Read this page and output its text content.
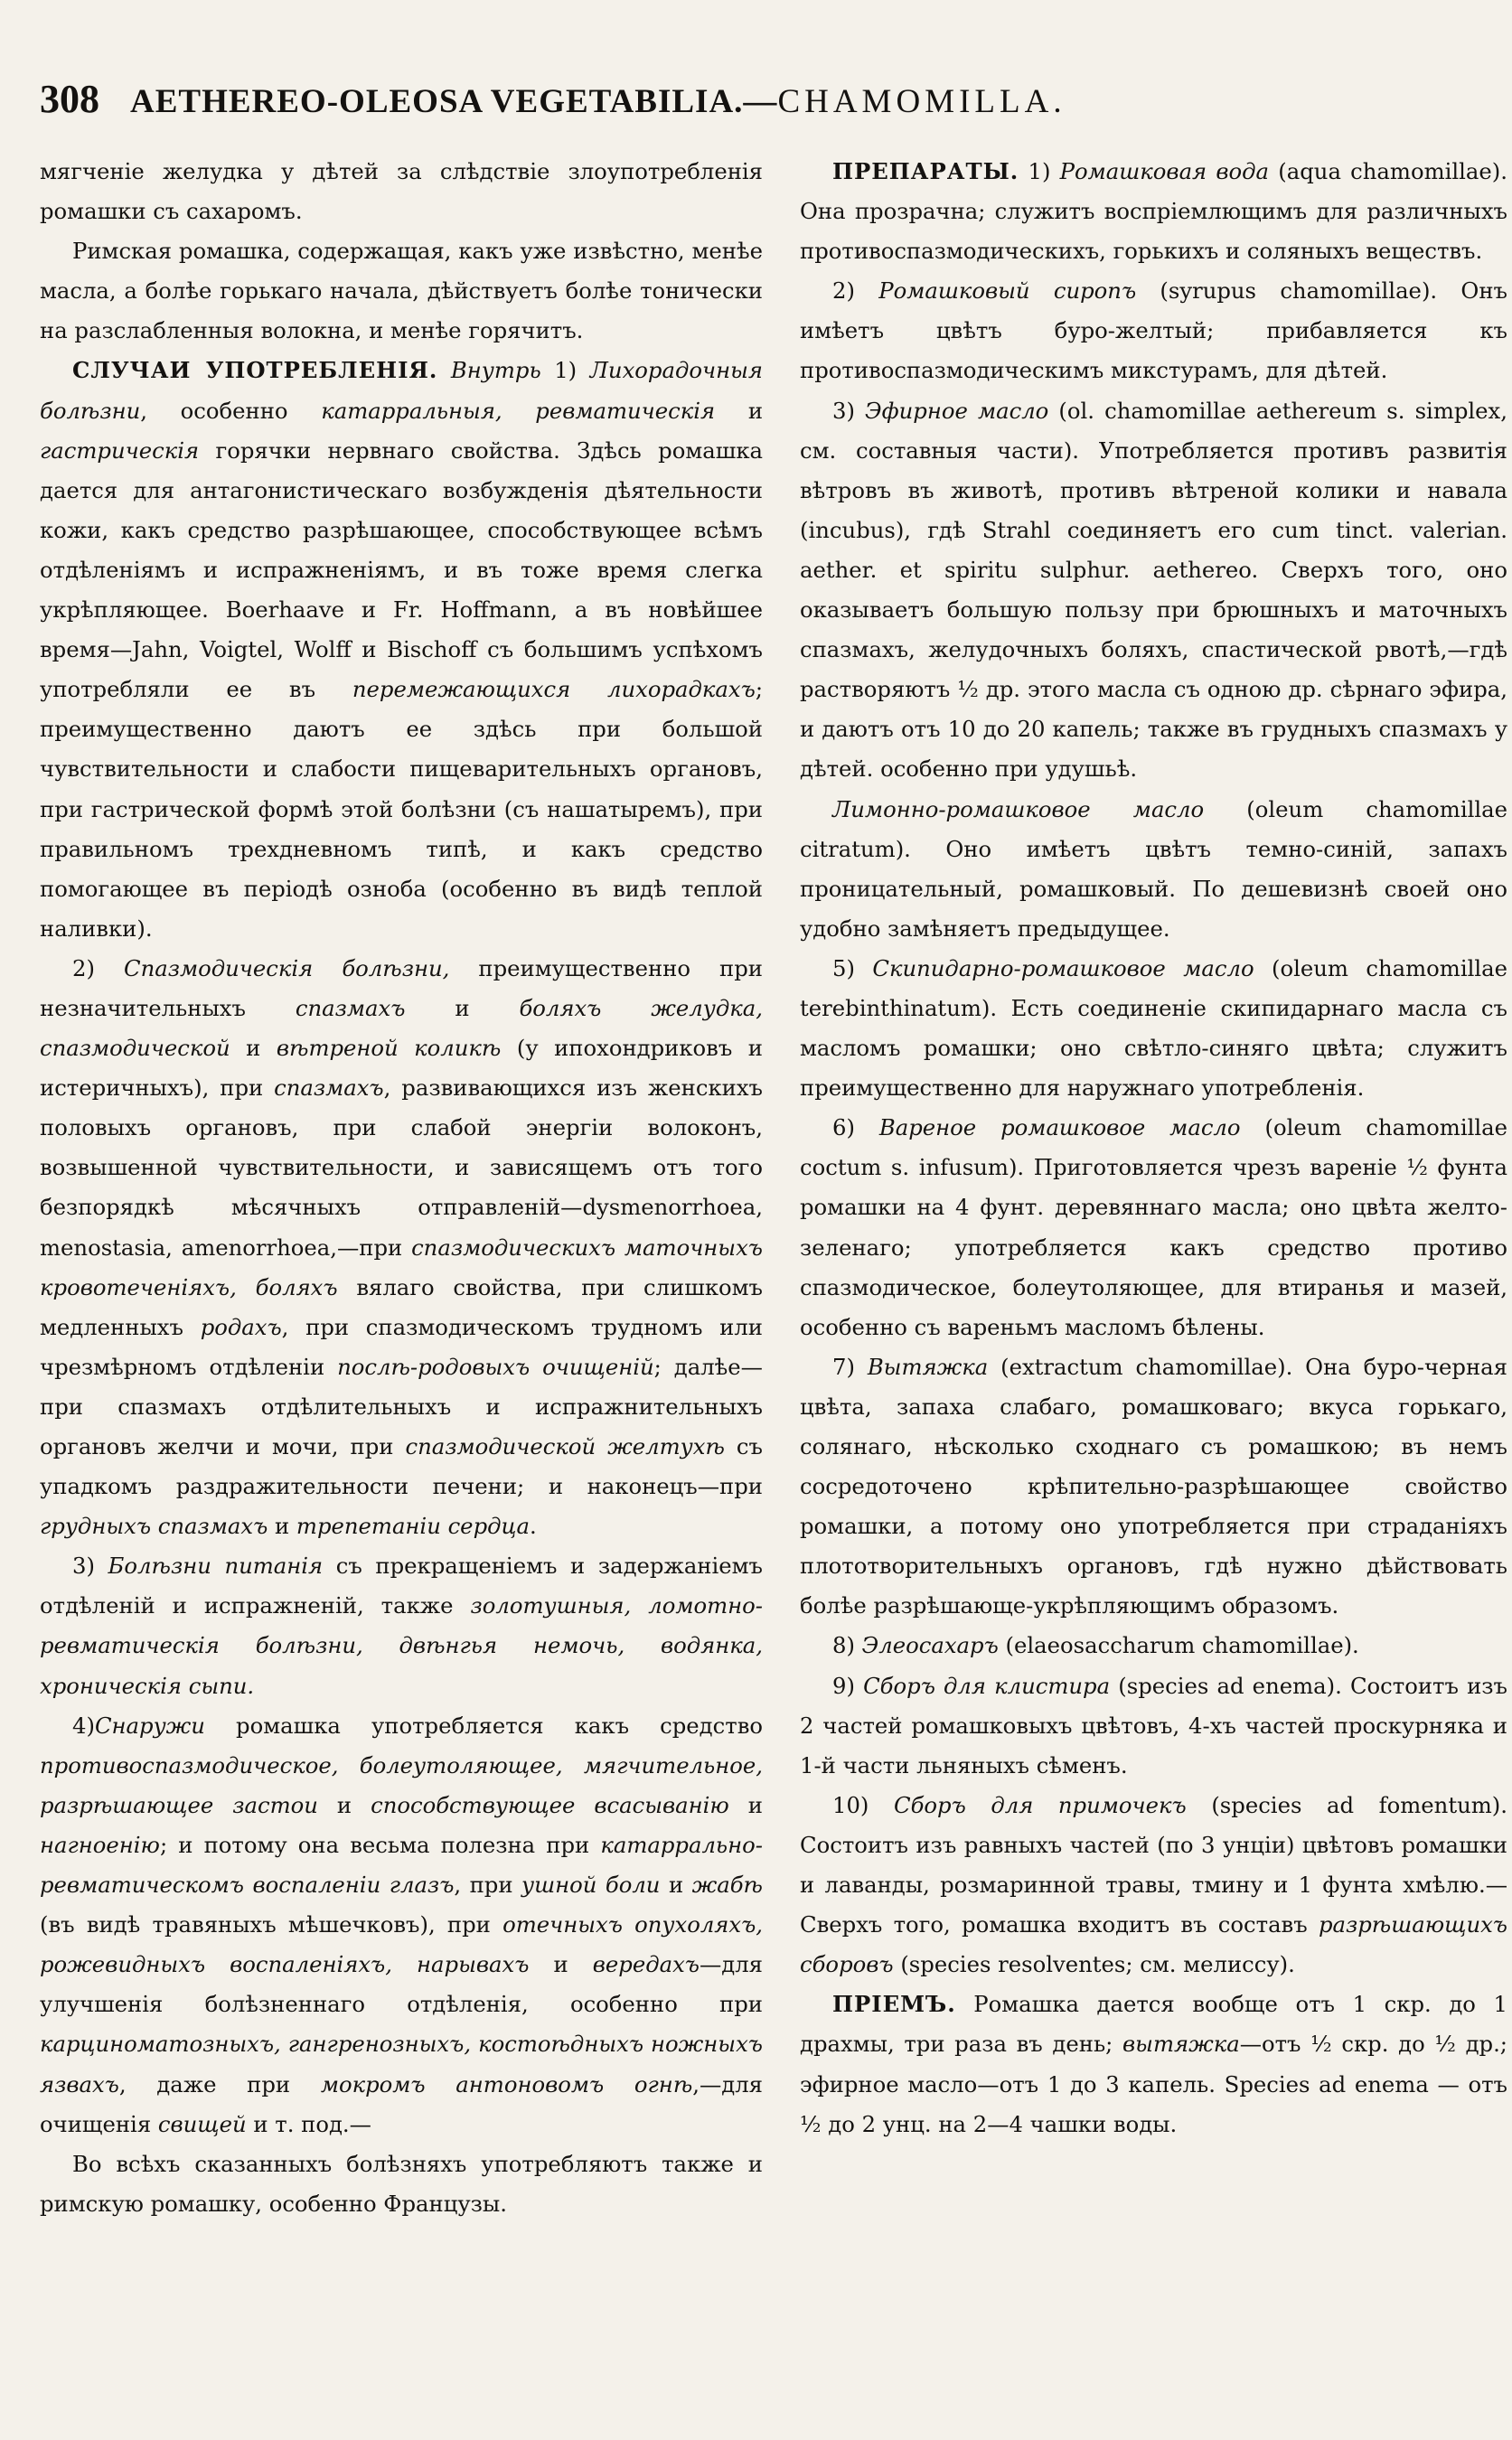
308 AETHEREO-OLEOSA VEGETABILIA.—CHAMOMILLA.

мягченіе желудка у дѣтей за слѣдствіе злоупотребленія ромашки съ сахаромъ.

Римская ромашка, содержащая, какъ уже извѣстно, менѣе масла, а болѣе горькаго начала, дѣйствуетъ болѣе тонически на разслабленныя волокна, и менѣе горячитъ.

СЛУЧАИ УПОТРЕБЛЕНІЯ. Внутрь 1) Лихорадочныя болѣзни, особенно катарральныя, ревматическія и гастрическія горячки нервнаго свойства. Здѣсь ромашка дается для антагонистическаго возбужденія дѣятельности кожи, какъ средство разрѣшающее, способствующее всѣмъ отдѣленіямъ и испражненіямъ, и въ тоже время слегка укрѣпляющее. Boerhaave и Fr. Hoffmann, а въ новѣйшее время—Jahn, Voigtel, Wolff и Bischoff съ большимъ успѣхомъ употребляли ее въ перемежающихся лихорадкахъ; преимущественно даютъ ее здѣсь при большой чувствительности и слабости пищеварительныхъ органовъ, при гастрической формѣ этой болѣзни (съ нашатыремъ), при правильномъ трехдневномъ типѣ, и какъ средство помогающее въ періодѣ озноба (особенно въ видѣ теплой наливки).

2) Спазмодическія болѣзни, преимущественно при незначительныхъ спазмахъ и боляхъ желудка, спазмодической и вѣтреной коликѣ (у ипохондриковъ и истеричныхъ), при спазмахъ, развивающихся изъ женскихъ половыхъ органовъ, при слабой энергіи волоконъ, возвышенной чувствительности, и зависящемъ отъ того безпорядкѣ мѣсячныхъ отправленій—dysmenorrhoea, menostasia, amenorrhoea,—при спазмодическихъ маточныхъ кровотеченіяхъ, боляхъ вялаго свойства, при слишкомъ медленныхъ родахъ, при спазмодическомъ трудномъ или чрезмѣрномъ отдѣленіи послѣ-родовыхъ очищеній; далѣе—при спазмахъ отдѣлительныхъ и испражнительныхъ органовъ желчи и мочи, при спазмодической желтухѣ съ упадкомъ раздражительности печени; и наконецъ—при грудныхъ спазмахъ и трепетаніи сердца.

3) Болѣзни питанія съ прекращеніемъ и задержаніемъ отдѣленій и испражненій, также золотушныя, ломотно-ревматическія болѣзни, двѣнгья немочь, водянка, хроническія сыпи.

4)Снаружи ромашка употребляется какъ средство противоспазмодическое, болеутоляющее, мягчительное, разрѣшающее застои и способствующее всасыванію и нагноенію; и потому она весьма полезна при катаррально-ревматическомъ воспаленіи глазъ, при ушной боли и жабѣ (въ видѣ травяныхъ мѣшечковъ), при отечныхъ опухоляхъ, рожевидныхъ воспаленіяхъ, нарывахъ и вередахъ—для улучшенія болѣзненнаго отдѣленія, особенно при карциноматозныхъ, гангренозныхъ, костоѣдныхъ ножныхъ язвахъ, даже при мокромъ антоновомъ огнѣ,—для очищенія свищей и т. под.—

Во всѣхъ сказанныхъ болѣзняхъ употребляютъ также и римскую ромашку, особенно Французы.

ПРЕПАРАТЫ. 1) Ромашковая вода (aqua chamomillae). Она прозрачна; служитъ воспріемлющимъ для различныхъ противоспазмодическихъ, горькихъ и соляныхъ веществъ.

2) Ромашковый сиропъ (syrupus chamomillae). Онъ имѣетъ цвѣтъ буро-желтый; прибавляется къ противоспазмодическимъ микстурамъ, для дѣтей.

3) Эфирное масло (ol. chamomillae aethereum s. simplex, см. составныя части). Употребляется противъ развитія вѣтровъ въ животѣ, противъ вѣтреной колики и навала (incubus), гдѣ Strahl соединяетъ его cum tinct. valerian. aether. et spiritu sulphur. aethereo. Сверхъ того, оно оказываетъ большую пользу при брюшныхъ и маточныхъ спазмахъ, желудочныхъ боляхъ, спастической рвотѣ,—гдѣ растворяютъ ½ др. этого масла съ одною др. сѣрнаго эфира, и даютъ отъ 10 до 20 капель; также въ грудныхъ спазмахъ у дѣтей. особенно при удушьѣ.

Лимонно-ромашковое масло (oleum chamomillae citratum). Оно имѣетъ цвѣтъ темно-синій, запахъ проницательный, ромашковый. По дешевизнѣ своей оно удобно замѣняетъ предыдущее.

5) Скипидарно-ромашковое масло (oleum chamomillae terebinthinatum). Есть соединеніе скипидарнаго масла съ масломъ ромашки; оно свѣтло-синяго цвѣта; служитъ преимущественно для наружнаго употребленія.

6) Вареное ромашковое масло (oleum chamomillae coctum s. infusum). Приготовляется чрезъ вареніе ½ фунта ромашки на 4 фунт. деревяннаго масла; оно цвѣта желто-зеленаго; употребляется какъ средство противо спазмодическое, болеутоляющее, для втиранья и мазей, особенно съ вареньмъ масломъ бѣлены.

7) Вытяжка (extractum chamomillae). Она буро-черная цвѣта, запаха слабаго, ромашковаго; вкуса горькаго, солянаго, нѣсколько сходнаго съ ромашкою; въ немъ сосредоточено крѣпительно-разрѣшающее свойство ромашки, а потому оно употребляется при страданіяхъ плототворительныхъ органовъ, гдѣ нужно дѣйствовать болѣе разрѣшающе-укрѣпляющимъ образомъ.

8) Элеосахаръ (elaeosaccharum chamomillae).

9) Сборъ для клистира (species ad enema). Состоитъ изъ 2 частей ромашковыхъ цвѣтовъ, 4-хъ частей проскурняка и 1-й части льняныхъ сѣменъ.

10) Сборъ для примочекъ (species ad fomentum). Состоитъ изъ равныхъ частей (по 3 унціи) цвѣтовъ ромашки и лаванды, розмаринной травы, тмину и 1 фунта хмѣлю.—Сверхъ того, ромашка входитъ въ составъ разрѣшающихъ сборовъ (species resolventes; см. мелиссу).

ПРІЕМЪ. Ромашка дается вообще отъ 1 скр. до 1 драхмы, три раза въ день; вытяжка—отъ ½ скр. до ½ др.; эфирное масло—отъ 1 до 3 капель. Species ad enema — отъ ½ до 2 унц. на 2—4 чашки воды.
